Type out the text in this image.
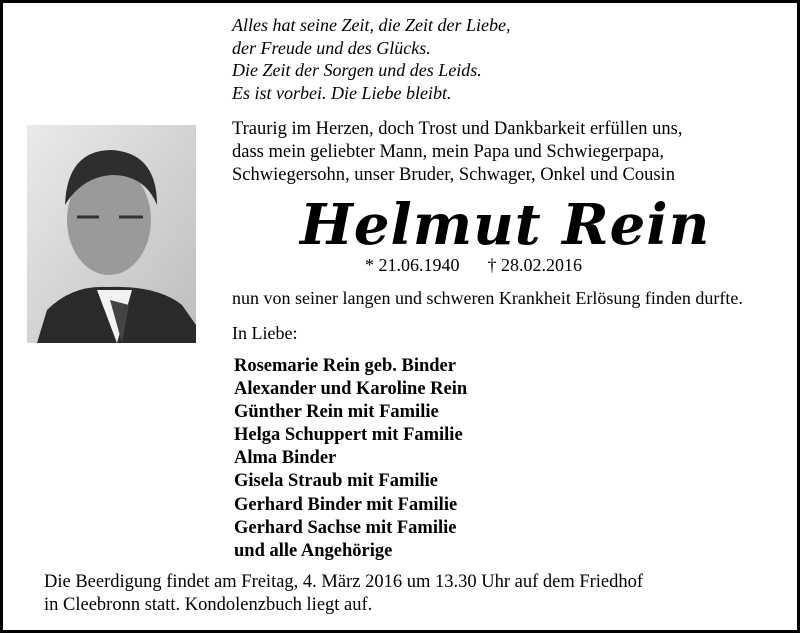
Alles hat seine Zeit, die Zeit der Liebe,
der Freude und des Glücks.
Die Zeit der Sorgen und des Leids.
Es ist vorbei. Die Liebe bleibt.
Traurig im Herzen, doch Trost und Dankbarkeit erfüllen uns,
dass mein geliebter Mann, mein Papa und Schwiegerpapa,
Schwiegersohn, unser Bruder, Schwager, Onkel und Cousin
Helmut Rein
* 21.06.1940 † 28.02.2016
nun von seiner langen und schweren Krankheit Erlösung finden durfte.
In Liebe:
Rosemarie Rein geb. Binder
Alexander und Karoline Rein
Günther Rein mit Familie
Helga Schuppert mit Familie
Alma Binder
Gisela Straub mit Familie
Gerhard Binder mit Familie
Gerhard Sachse mit Familie
und alle Angehörige
Die Beerdigung findet am Freitag, 4. März 2016 um 13.30 Uhr auf dem Friedhof
in Cleebronn statt. Kondolenzbuch liegt auf.
